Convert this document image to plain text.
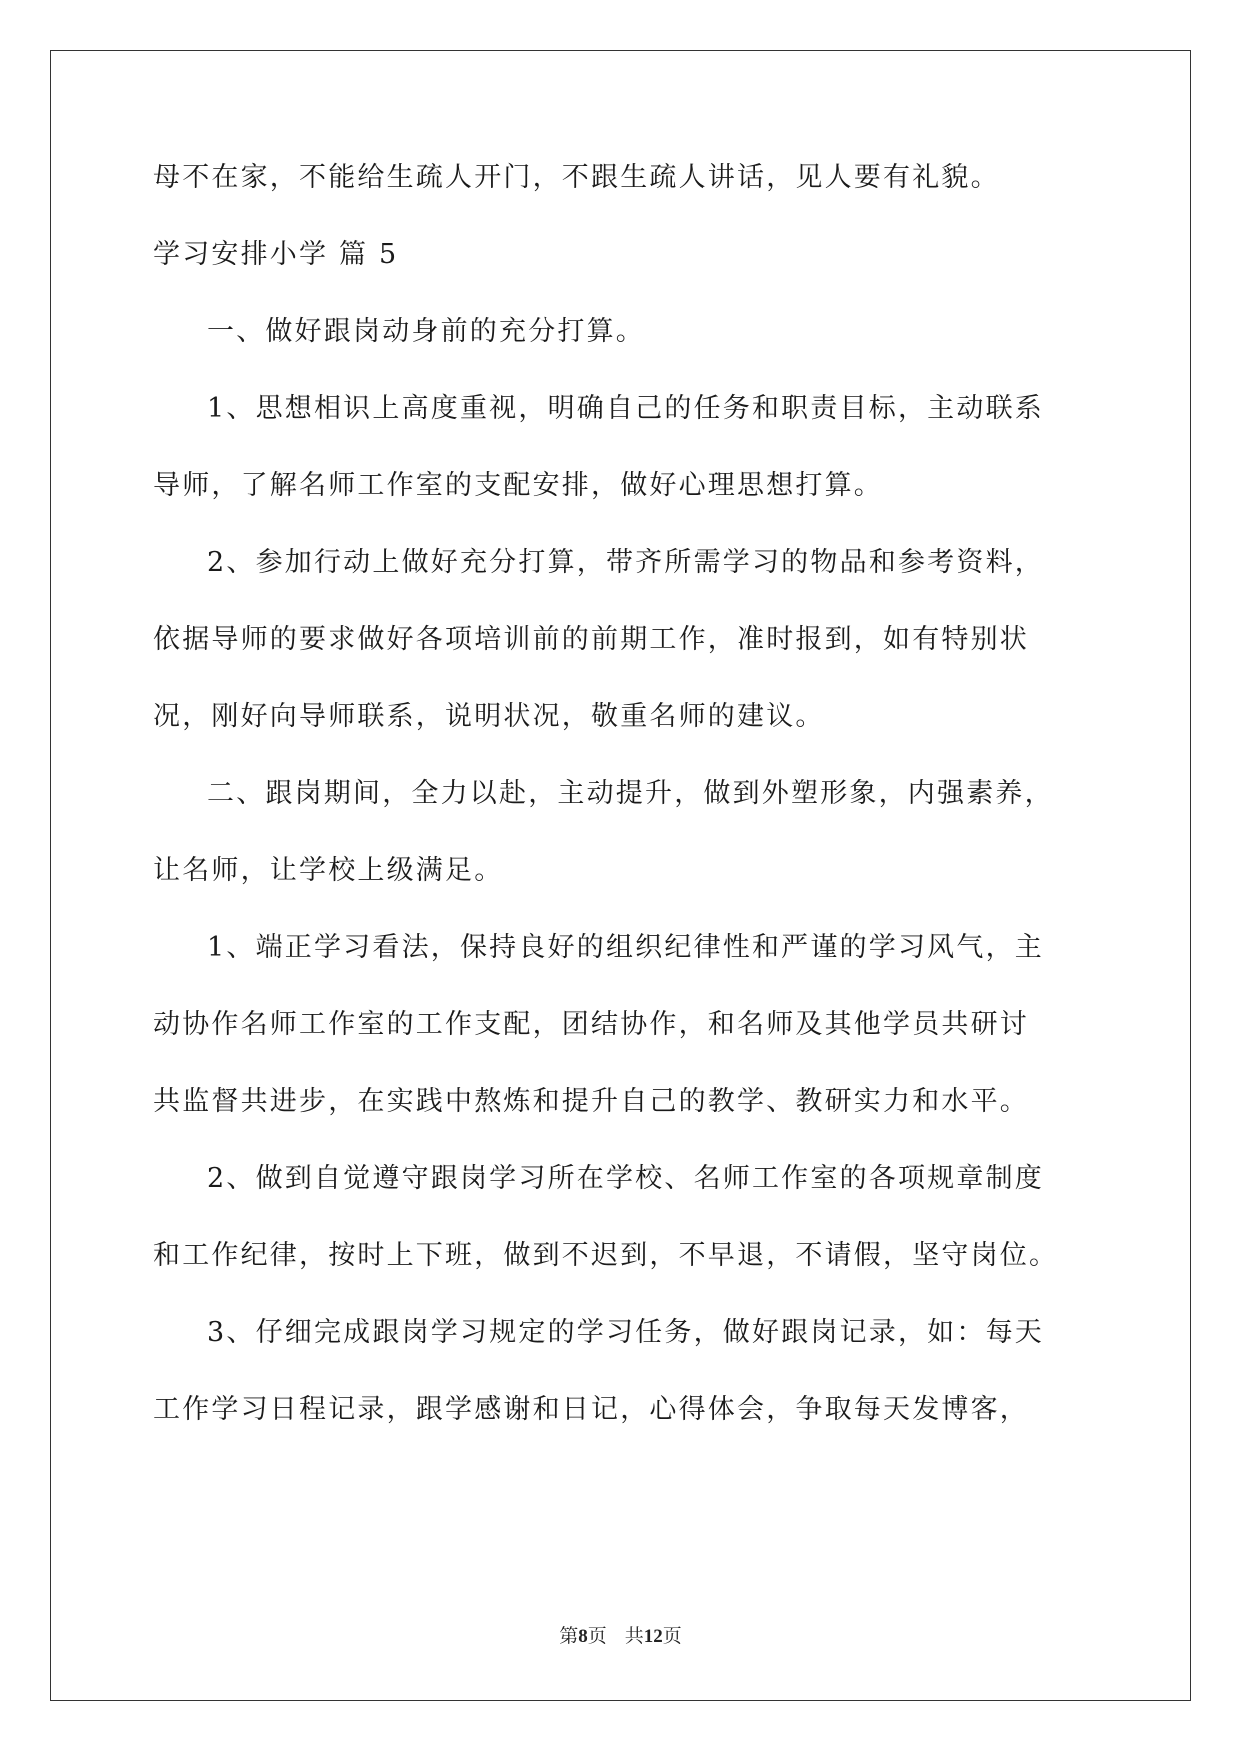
母不在家，不能给生疏人开门，不跟生疏人讲话，见人要有礼貌。
学习安排小学 篇 5
一、做好跟岗动身前的充分打算。
1、思想相识上高度重视，明确自己的任务和职责目标，主动联系
导师，了解名师工作室的支配安排，做好心理思想打算。
2、参加行动上做好充分打算，带齐所需学习的物品和参考资料，
依据导师的要求做好各项培训前的前期工作，准时报到，如有特别状
况，刚好向导师联系，说明状况，敬重名师的建议。
二、跟岗期间，全力以赴，主动提升，做到外塑形象，内强素养，
让名师，让学校上级满足。
1、端正学习看法，保持良好的组织纪律性和严谨的学习风气，主
动协作名师工作室的工作支配，团结协作，和名师及其他学员共研讨
共监督共进步，在实践中熬炼和提升自己的教学、教研实力和水平。
2、做到自觉遵守跟岗学习所在学校、名师工作室的各项规章制度
和工作纪律，按时上下班，做到不迟到，不早退，不请假，坚守岗位。
3、仔细完成跟岗学习规定的学习任务，做好跟岗记录，如：每天
工作学习日程记录，跟学感谢和日记，心得体会，争取每天发博客，
第8页 共12页
